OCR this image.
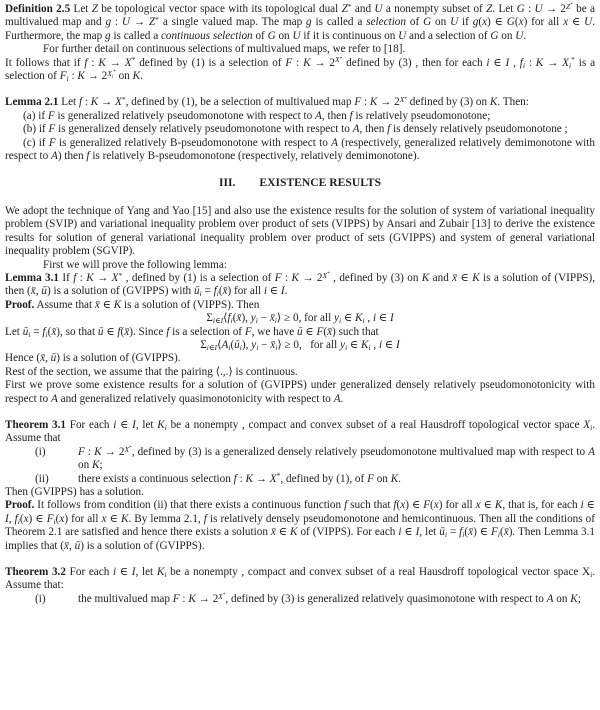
Definition 2.5 Let Z be topological vector space with its topological dual Z* and U a nonempty subset of Z. Let G : $U \to 2^{Z^*}$ be a multivalued map and g : U → Z* a single valued map. The map g is called a selection of G on U if g(x) ∈ G(x) for all x ∈ U. Furthermore, the map g is called a continuous selection of G on U if it is continuous on U and a selection of G on U.
For further detail on continuous selections of multivalued maps, we refer to [18].
It follows that if f : K → X* defined by (1) is a selection of F : $K \to 2^{X^*}$ defined by (3) , then for each i ∈ I , fi : K → Xi* is a selection of Fi : $K \to 2^{X_i^*}$ on K.
Lemma 2.1 Let f : K → X*, defined by (1), be a selection of multivalued map F : $K \to 2^{X^*}$ defined by (3) on K. Then:
(a) if F is generalized relatively pseudomonotone with respect to A, then f is relatively pseudomonotone;
(b) if F is generalized densely relatively pseudomonotone with respect to A, then f is densely relatively pseudomonotone ;
(c) if F is generalized relatively B-pseudomonotone with respect to A (respectively, generalized relatively demimonotone with respect to A) then f is relatively B-pseudomonotone (respectively, relatively demimonotone).
III. EXISTENCE RESULTS
We adopt the technique of Yang and Yao [15] and also use the existence results for the solution of system of variational inequality problem (SVIP) and variational inequality problem over product of sets (VIPPS) by Ansari and Zubair [13] to derive the existence results for solution of general variational inequality problem over product of sets (GVIPPS) and system of general variational inequality problem (SGVIP).
First we will prove the following lemma:
Lemma 3.1 If f : K → X* , defined by (1) is a selection of F : $K \to 2^{X^*}$ , defined by (3) on K and x̄ ∈ K is a solution of (VIPPS), then (x̄, ū) is a solution of (GVIPPS) with ūi = fi(x̄) for all i ∈ I.
Proof. Assume that x̄ ∈ K is a solution of (VIPPS). Then
Σi∈I⟨fi(x̄), yi − x̄i⟩ ≥ 0, for all yi ∈ Ki , i ∈ I
Let ūi = fi(x̄), so that ū ∈ f(x̄). Since f is a selection of F, we have ū ∈ F(x̄) such that
Σi∈I⟨Ai(ūi), yi − x̄i⟩ ≥ 0,   for all yi ∈ Ki , i ∈ I
Hence (x̄, ū) is a solution of (GVIPPS).
Rest of the section, we assume that the pairing ⟨.,.⟩ is continuous.
First we prove some existence results for a solution of (GVIPPS) under generalized densely relatively pseudomonotonicity with respect to A and generalized relatively quasimonotonicity with respect to A.
Theorem 3.1 For each i ∈ I, let Ki be a nonempty , compact and convex subset of a real Hausdroff topological vector space Xi. Assume that
(i)	F : $K \to 2^{X^*}$, defined by (3) is a generalized densely relatively pseudomonotone multivalued map with respect to A on K;
(ii)	there exists a continuous selection f : K → X*, defined by (1), of F on K.
Then (GVIPPS) has a solution.
Proof. It follows from condition (ii) that there exists a continuous function f such that f(x) ∈ F(x) for all x ∈ K, that is, for each i ∈ I, fi(x) ∈ Fi(x) for all x ∈ K. By lemma 2.1, f is relatively densely pseudomonotone and hemicontinuous. Then all the conditions of Theorem 2.1 are satisfied and hence there exists a solution x̄ ∈ K of (VIPPS). For each i ∈ I, let ūi = fi(x̄) ∈ Fi(x̄). Then Lemma 3.1 implies that (x̄, ū) is a solution of (GVIPPS).
Theorem 3.2 For each i ∈ I, let Ki be a nonempty , compact and convex subset of a real Hausdroff topological vector space Xi. Assume that:
(i)	the multivalued map F : $K \to 2^{X^*}$, defined by (3) is generalized relatively quasimonotone with respect to A on K;
